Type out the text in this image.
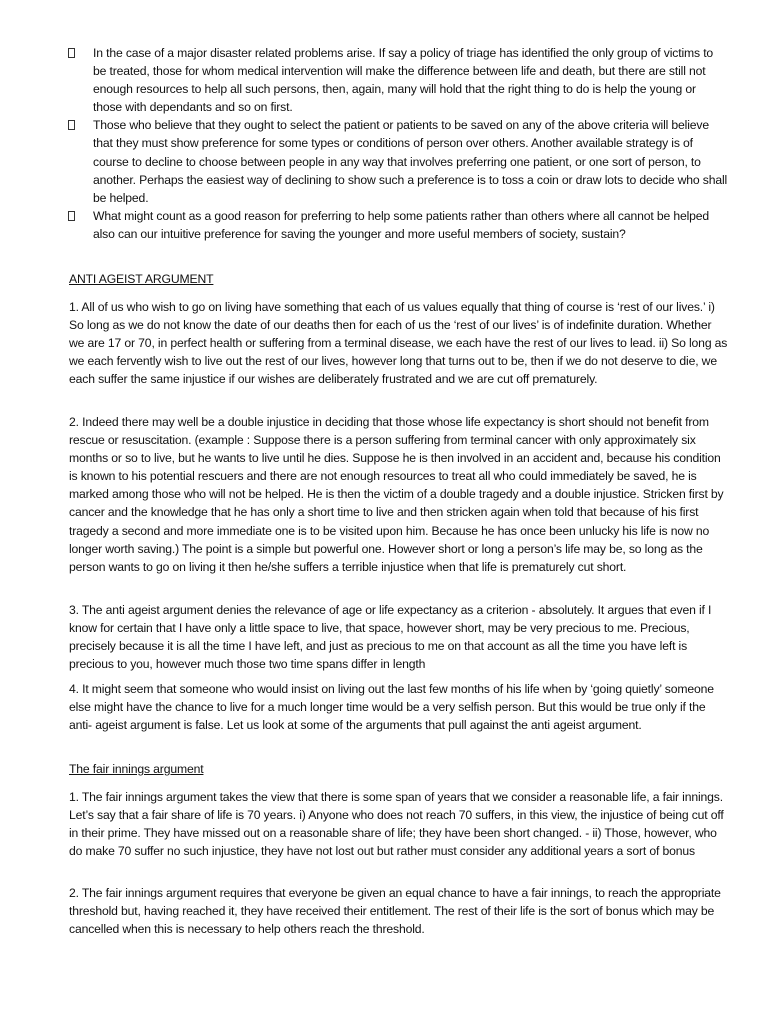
In the case of a major disaster related problems arise. If say a policy of triage has identified the only group of victims to be treated, those for whom medical intervention will make the difference between life and death, but there are still not enough resources to help all such persons, then, again, many will hold that the right thing to do is help the young or those with dependants and so on first.

Those who believe that they ought to select the patient or patients to be saved on any of the above criteria will believe that they must show preference for some types or conditions of person over others. Another available strategy is of course to decline to choose between people in any way that involves preferring one patient, or one sort of person, to another. Perhaps the easiest way of declining to show such a preference is to toss a coin or draw lots to decide who shall be helped.

What might count as a good reason for preferring to help some patients rather than others where all cannot be helped also can our intuitive preference for saving the younger and more useful members of society, sustain?

ANTI AGEIST ARGUMENT

1. All of us who wish to go on living have something that each of us values equally that thing of course is ‘rest of our lives.’ i) So long as we do not know the date of our deaths then for each of us the ‘rest of our lives’ is of indefinite duration. Whether we are 17 or 70, in perfect health or suffering from a terminal disease, we each have the rest of our lives to lead. ii) So long as we each fervently wish to live out the rest of our lives, however long that turns out to be, then if we do not deserve to die, we each suffer the same injustice if our wishes are deliberately frustrated and we are cut off prematurely.

2. Indeed there may well be a double injustice in deciding that those whose life expectancy is short should not benefit from rescue or resuscitation. (example : Suppose there is a person suffering from terminal cancer with only approximately six months or so to live, but he wants to live until he dies. Suppose he is then involved in an accident and, because his condition is known to his potential rescuers and there are not enough resources to treat all who could immediately be saved, he is marked among those who will not be helped. He is then the victim of a double tragedy and a double injustice. Stricken first by cancer and the knowledge that he has only a short time to live and then stricken again when told that because of his first tragedy a second and more immediate one is to be visited upon him. Because he has once been unlucky his life is now no longer worth saving.) The point is a simple but powerful one. However short or long a person’s life may be, so long as the person wants to go on living it then he/she suffers a terrible injustice when that life is prematurely cut short.

3. The anti ageist argument denies the relevance of age or life expectancy as a criterion - absolutely. It argues that even if I know for certain that I have only a little space to live, that space, however short, may be very precious to me. Precious, precisely because it is all the time I have left, and just as precious to me on that account as all the time you have left is precious to you, however much those two time spans differ in length

4. It might seem that someone who would insist on living out the last few months of his life when by ‘going quietly’ someone else might have the chance to live for a much longer time would be a very selfish person. But this would be true only if the anti- ageist argument is false. Let us look at some of the arguments that pull against the anti ageist argument.

The fair innings argument

1. The fair innings argument takes the view that there is some span of years that we consider a reasonable life, a fair innings. Let’s say that a fair share of life is 70 years. i) Anyone who does not reach 70 suffers, in this view, the injustice of being cut off in their prime. They have missed out on a reasonable share of life; they have been short changed. - ii) Those, however, who do make 70 suffer no such injustice, they have not lost out but rather must consider any additional years a sort of bonus

2. The fair innings argument requires that everyone be given an equal chance to have a fair innings, to reach the appropriate threshold but, having reached it, they have received their entitlement. The rest of their life is the sort of bonus which may be cancelled when this is necessary to help others reach the threshold.
